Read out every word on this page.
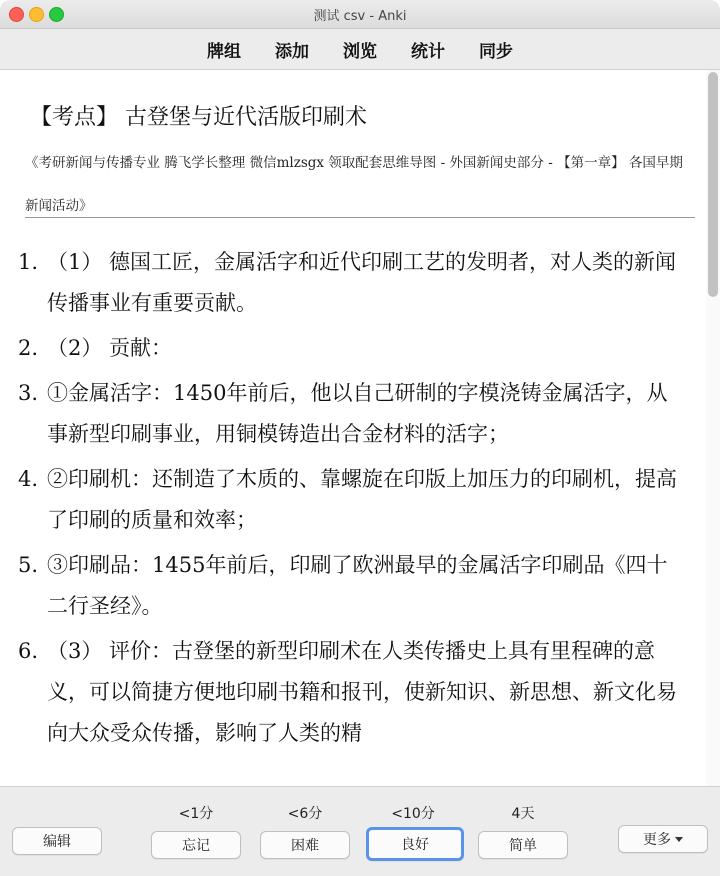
测试 csv - Anki
牌组	添加	浏览	统计	同步
【考点】 古登堡与近代活版印刷术
《考研新闻与传播专业 腾飞学长整理 微信mlzsgx 领取配套思维导图 - 外国新闻史部分 - 【第一章】 各国早期新闻活动》
1. （1） 德国工匠，金属活字和近代印刷工艺的发明者，对人类的新闻传播事业有重要贡献。
2. （2） 贡献：
3. ①金属活字：1450年前后，他以自己研制的字模浇铸金属活字，从事新型印刷事业，用铜模铸造出合金材料的活字；
4. ②印刷机：还制造了木质的、靠螺旋在印版上加压力的印刷机，提高了印刷的质量和效率；
5. ③印刷品：1455年前后，印刷了欧洲最早的金属活字印刷品《四十二行圣经》。
6. （3） 评价：古登堡的新型印刷术在人类传播史上具有里程碑的意义，可以简捷方便地印刷书籍和报刊，使新知识、新思想、新文化易向大众受众传播，影响了人类的精
编辑
<1分	<6分	<10分	4天
忘记	困难	良好	简单	更多
